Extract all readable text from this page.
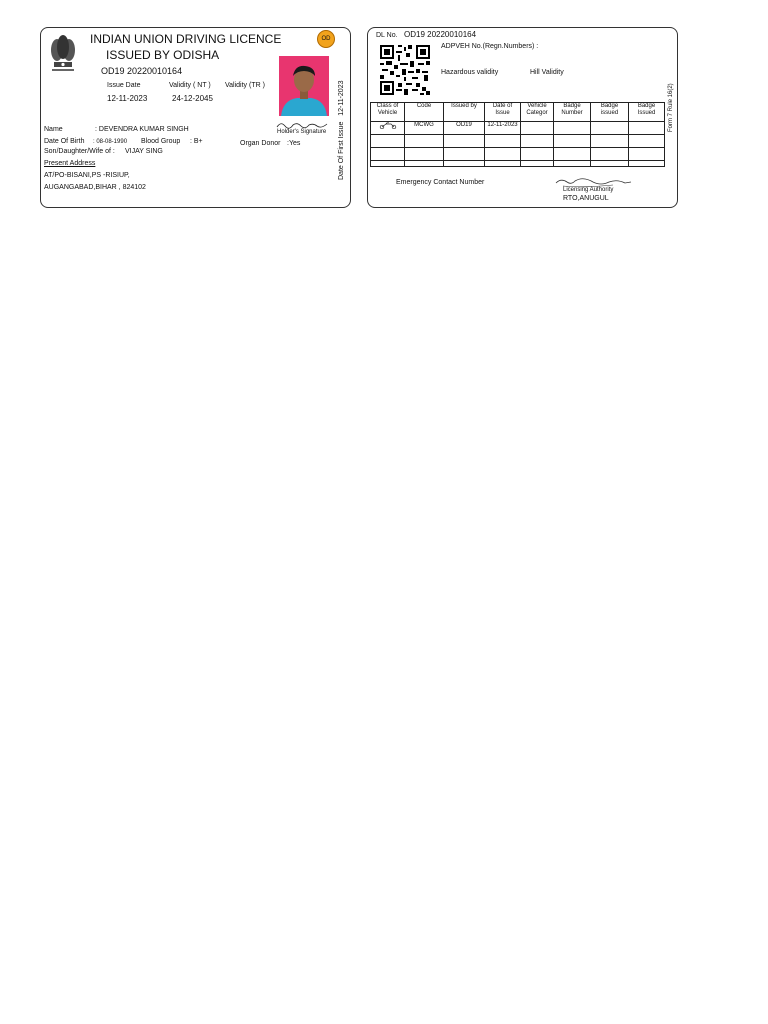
INDIAN UNION DRIVING LICENCE
ISSUED BY ODISHA
OD
OD19 20220010164
Issue Date	Validity ( NT ) Validity (TR )
12-11-2023	24-12-2045
Holder's Signature
Name	: DEVENDRA KUMAR SINGH
Date Of Birth : 08-08-1990 Blood Group : B+	Organ Donor :Yes
Son/Daughter/Wife of : VIJAY SING
Present Address
AT/PO-BISANI,PS -RISIUP,
AUGANGABAD,BIHAR , 824102
Date Of First Issue   12-11-2023
DL No. OD19 20220010164
ADPVEH No.(Regn.Numbers) :
Hazardous validity	Hill Validity
Form 7 Rule 16(2)
Class of Vehicle	Code	Issued by	Date of Issue	Vehicle Categor	Badge Number	Badge issued	Badge Issued
	MCWG	OD19	12-11-2023				

Emergency Contact Number
Licensing Authority
RTO,ANUGUL
